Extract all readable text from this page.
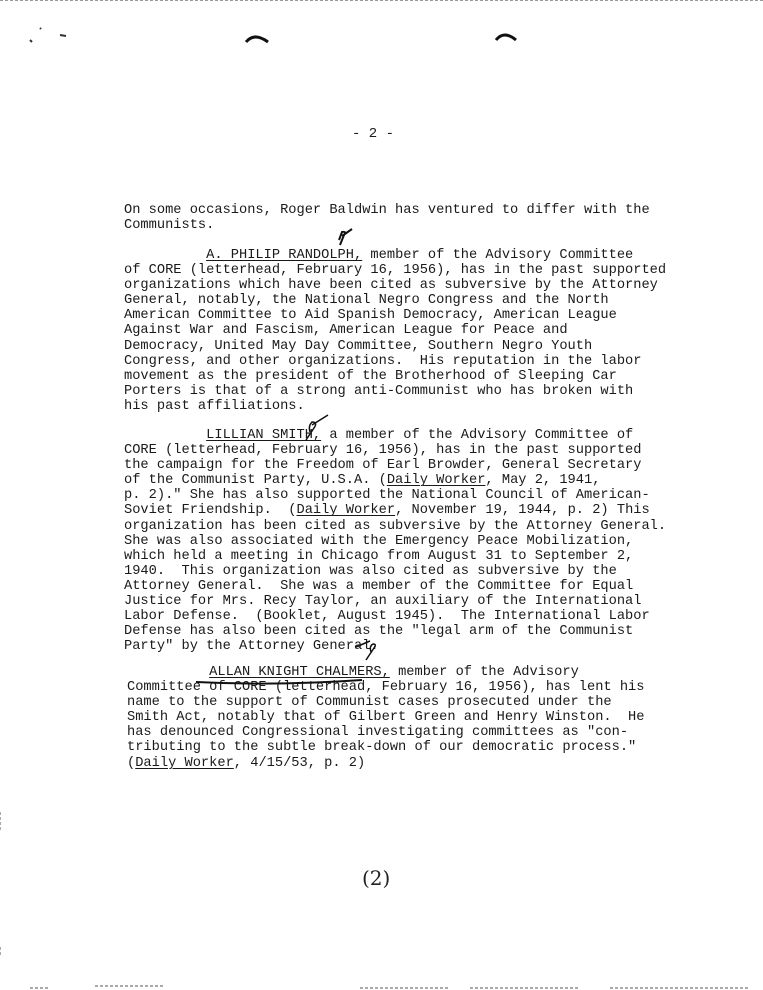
- 2 -
On some occasions, Roger Baldwin has ventured to differ with the
Communists.
A. PHILIP RANDOLPH, member of the Advisory Committee
of CORE (letterhead, February 16, 1956), has in the past supported
organizations which have been cited as subversive by the Attorney
General, notably, the National Negro Congress and the North
American Committee to Aid Spanish Democracy, American League
Against War and Fascism, American League for Peace and
Democracy, United May Day Committee, Southern Negro Youth
Congress, and other organizations.  His reputation in the labor
movement as the president of the Brotherhood of Sleeping Car
Porters is that of a strong anti-Communist who has broken with
his past affiliations.
LILLIAN SMITH, a member of the Advisory Committee of
CORE (letterhead, February 16, 1956), has in the past supported
the campaign for the Freedom of Earl Browder, General Secretary
of the Communist Party, U.S.A. (Daily Worker, May 2, 1941,
p. 2)." She has also supported the National Council of American-
Soviet Friendship.  (Daily Worker, November 19, 1944, p. 2) This
organization has been cited as subversive by the Attorney General.
She was also associated with the Emergency Peace Mobilization,
which held a meeting in Chicago from August 31 to September 2,
1940.  This organization was also cited as subversive by the
Attorney General.  She was a member of the Committee for Equal
Justice for Mrs. Recy Taylor, an auxiliary of the International
Labor Defense.  (Booklet, August 1945).  The International Labor
Defense has also been cited as the "legal arm of the Communist
Party" by the Attorney General.
ALLAN KNIGHT CHALMERS, member of the Advisory
Committee of CORE (letterhead, February 16, 1956), has lent his
name to the support of Communist cases prosecuted under the
Smith Act, notably that of Gilbert Green and Henry Winston.  He
has denounced Congressional investigating committees as "con-
tributing to the subtle break-down of our democratic process."
(Daily Worker, 4/15/53, p. 2)
(2)
